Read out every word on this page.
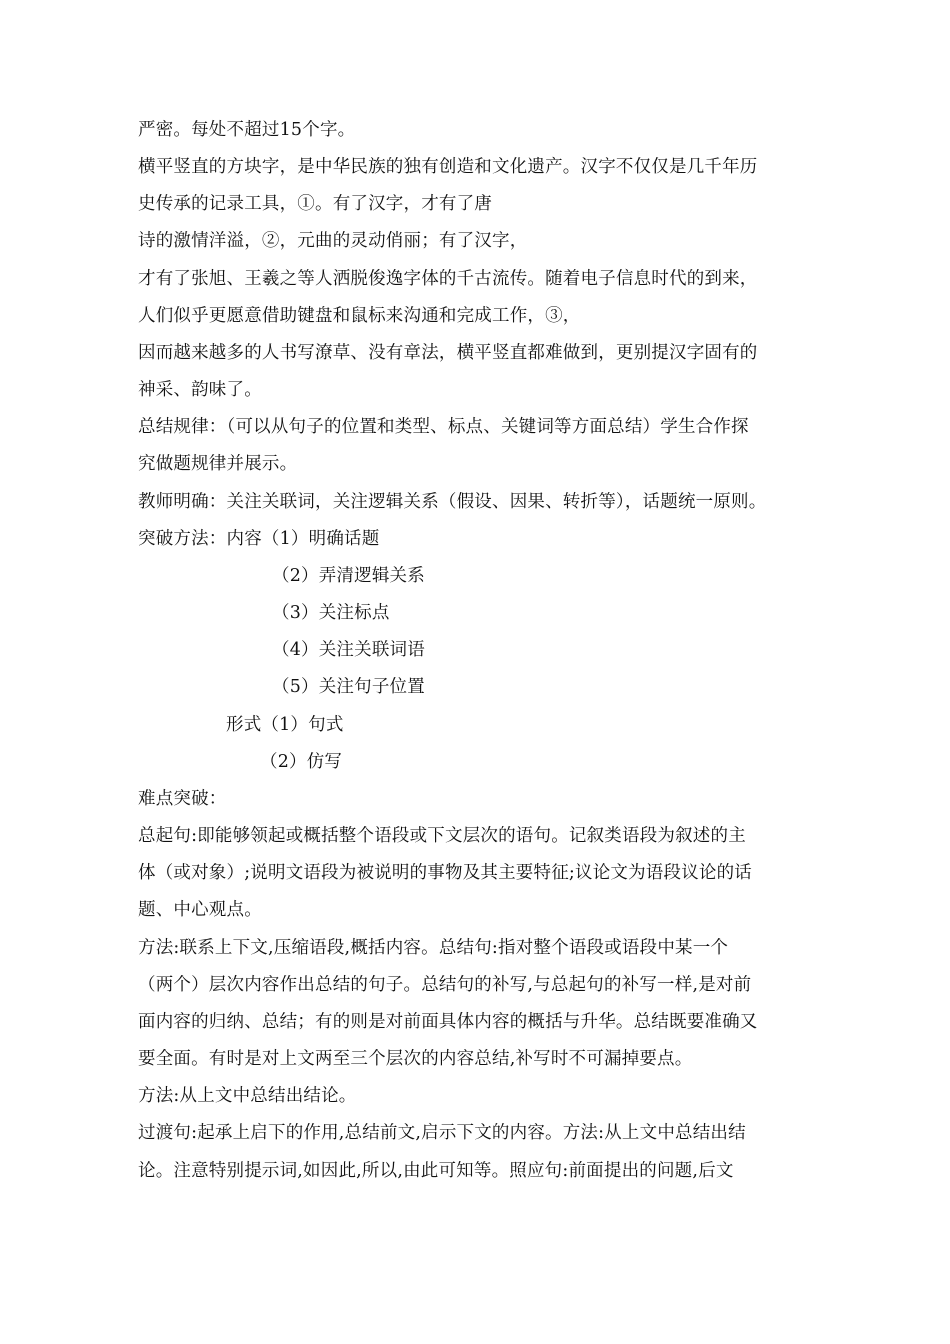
严密。每处不超过15个字。
横平竖直的方块字，是中华民族的独有创造和文化遗产。汉字不仅仅是几千年历
史传承的记录工具，①。有了汉字，才有了唐
诗的激情洋溢，②，元曲的灵动俏丽；有了汉字，
才有了张旭、王羲之等人洒脱俊逸字体的千古流传。随着电子信息时代的到来，
人们似乎更愿意借助键盘和鼠标来沟通和完成工作，③，
因而越来越多的人书写潦草、没有章法，横平竖直都难做到，更别提汉字固有的
神采、韵味了。
总结规律：（可以从句子的位置和类型、标点、关键词等方面总结）学生合作探
究做题规律并展示。
教师明确：关注关联词，关注逻辑关系（假设、因果、转折等），话题统一原则。
突破方法：内容（1）明确话题
（2）弄清逻辑关系
（3）关注标点
（4）关注关联词语
（5）关注句子位置
形式（1）句式
（2）仿写
难点突破：
总起句:即能够领起或概括整个语段或下文层次的语句。记叙类语段为叙述的主
体（或对象）;说明文语段为被说明的事物及其主要特征;议论文为语段议论的话
题、中心观点。
方法:联系上下文,压缩语段,概括内容。总结句:指对整个语段或语段中某一个
（两个）层次内容作出总结的句子。总结句的补写,与总起句的补写一样,是对前
面内容的归纳、总结；有的则是对前面具体内容的概括与升华。总结既要准确又
要全面。有时是对上文两至三个层次的内容总结,补写时不可漏掉要点。
方法:从上文中总结出结论。
过渡句:起承上启下的作用,总结前文,启示下文的内容。方法:从上文中总结出结
论。注意特别提示词,如因此,所以,由此可知等。照应句:前面提出的问题,后文
